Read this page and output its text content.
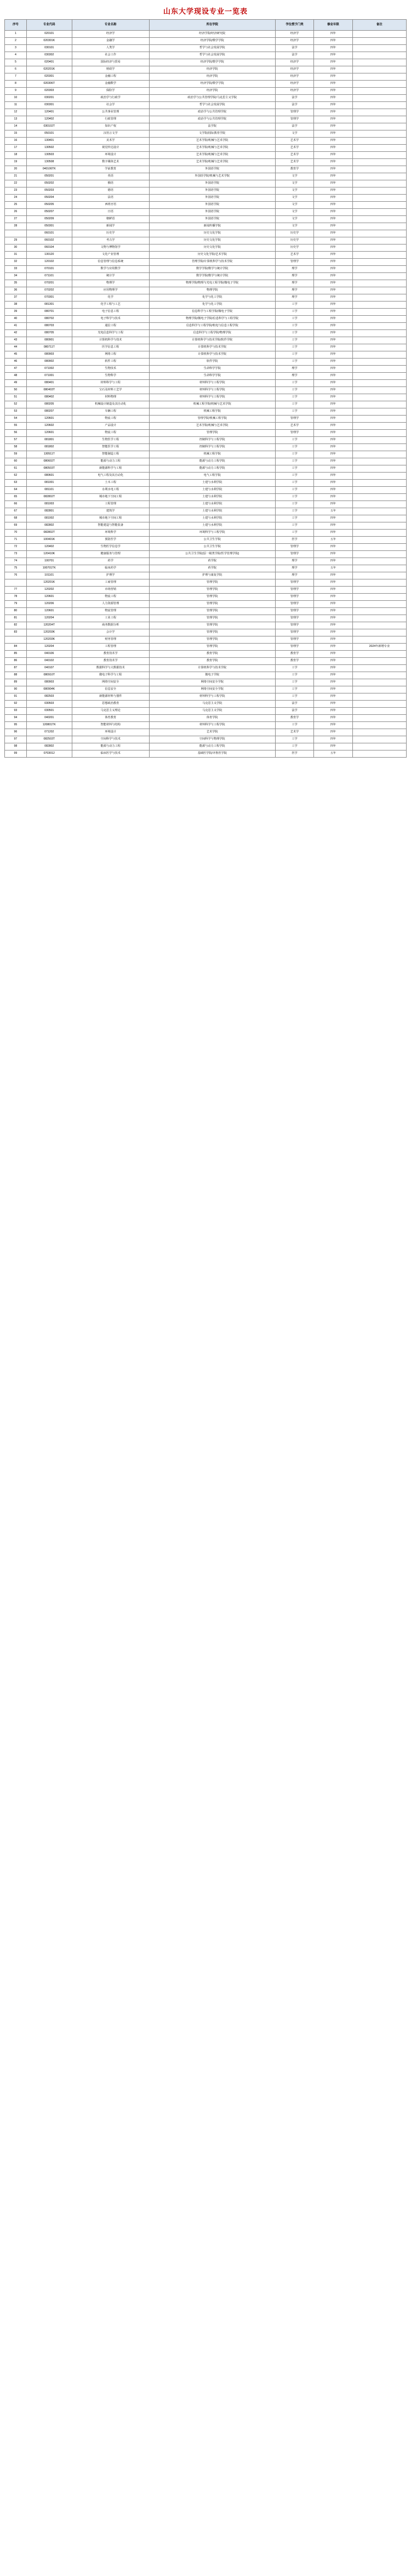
山东大学现设专业一览表
序号	专业代码	专业名称	所在学院	学位授予门类	修业年限	备注
1	020101	经济学	经济学院/经济研究院	经济学	四年	
2	020301K	金融学	经济学院/数学学院	经济学	四年	
3	030101	人类学	哲学与社会发展学院	法学	四年	
4	030302	社会工作	哲学与社会发展学院	法学	四年	
5	020401	国际经济与贸易	经济学院/数学学院	经济学	四年	
6	020201K	财政学	经济学院	经济学	四年	
7	020301	金融工程	经济学院	经济学	四年	
8	020306T	金融数学	经济学院/数学学院	经济学	四年	
9	020303	保险学	经济学院	经济学	四年	
10	030201	政治学与行政学	政治学与公共管理学院/马克思主义学院	法学	四年	
11	030301	社会学	哲学与社会发展学院	法学	四年	
12	120401	公共事业管理	政治学与公共管理学院	管理学	四年	
13	120402	行政管理	政治学与公共管理学院	管理学	四年	
14	030102T	知识产权	法学院	法学	四年	
15	050101	汉语言文学	文学院/国际教育学院	文学	四年	
16	130401	美术学	艺术学院/机械与艺术学院	艺术学	四年	
17	130502	视觉传达设计	艺术学院/机械与艺术学院	艺术学	四年	
18	130503	环境设计	艺术学院/机械与艺术学院	艺术学	四年	
19	130508	数字媒体艺术	艺术学院/机械与艺术学院	艺术学	四年	
20	040106TK	学前教育	外国语学院	教育学	四年	
21	050201	英语	外国语学院/机械与艺术学院	文学	四年	
22	050202	俄语	外国语学院	文学	四年	
23	050203	德语	外国语学院	文学	四年	
24	050204	法语	外国语学院	文学	四年	
25	050205	西班牙语	外国语学院	文学	四年	
26	050207	日语	外国语学院	文学	四年	
27	050209	朝鲜语	外国语学院	文学	四年	
28	050301	新闻学	新闻传播学院	文学	四年	
	060101	历史学	历史文化学院	历史学	四年	
29	060102	考古学	历史文化学院	历史学	四年	
30	060104	文物与博物馆学	历史文化学院	历史学	四年	
31	130120	文化产业管理	历史文化学院/艺术学院	艺术学	四年	
32	120102	信息管理与信息系统	管理学院/计算机科学与技术学院	管理学	四年	
33	070101	数学与应用数学	数学学院/数学与统计学院	理学	四年	
34	071101	统计学	数学学院/数学与统计学院	理学	四年	
35	070201	物理学	物理学院/物理与光电工程学院/微电子学院	理学	四年	
36	070202	应用物理学	物理学院	理学	四年	
37	070301	化学	化学与化工学院	理学	四年	
38	081301	化学工程与工艺	化学与化工学院	工学	四年	
39	080701	电子信息工程	信息科学与工程学院/微电子学院	工学	四年	
40	080702	电子科学与技术	物理学院/微电子学院/信息科学与工程学院	工学	四年	
41	080703	通信工程	信息科学与工程学院/机电与信息工程学院	工学	四年	
42	080705	光电信息科学与工程	信息科学与工程学院/物理学院	工学	四年	
43	080901	计算机科学与技术	计算机科学与技术学院/软件学院	工学	四年	
44	080711T	医学信息工程	计算机科学与技术学院	工学	四年	
45	080903	网络工程	计算机科学与技术学院	工学	四年	
46	080902	软件工程	软件学院	工学	四年	
47	071002	生物技术	生命科学学院	理学	四年	
48	071001	生物科学	生命科学学院	理学	四年	
49	080401	材料科学与工程	材料科学与工程学院	工学	四年	
50	080403T	宝石及材料工艺学	材料科学与工程学院	工学	四年	
51	080402	材料物理	材料科学与工程学院	工学	四年	
52	080205	机械设计制造及其自动化	机械工程学院/机械与艺术学院	工学	四年	
53	080207	车辆工程	机械工程学院	工学	四年	
54	120601	物流工程	管理学院/机械工程学院	管理学	四年	
55	120602	产品设计	艺术学院/机械与艺术学院	艺术学	四年	
56	120601	物流工程	管理学院	管理学	四年	
57	081801	生物医学工程	控制科学与工程学院	工学	四年	
58	081802	智能医学工程	控制科学与工程学院	工学	四年	
59	130511T	智能制造工程	机械工程学院	工学	四年	
60	080602T	能源与动力工程	能源与动力工程学院	工学	四年	
61	080503T	新能源科学与工程	能源与动力工程学院	工学	四年	
62	080601	电气工程及其自动化	电气工程学院	工学	四年	
63	081001	土木工程	土建与水利学院	工学	四年	
64	081101	水利水电工程	土建与水利学院	工学	四年	
65	082802T	城市地下空间工程	土建与水利学院	工学	四年	
66	081003	工程管理	土建与水利学院	工学	四年	
67	082801	建筑学	土建与水利学院	工学	五年	
68	081002	城市地下空间工程	土建与水利学院	工学	四年	
69	082802	智能建造与智能装备	土建与水利学院	工学	四年	
70	082802T	环境科学	环境科学与工程学院	工学	四年	
71	100401K	预防医学	公共卫生学院	医学	五年	
72	120402	生物医学信息学	公共卫生学院	管理学	四年	
73	120410K	健康服务与管理	公共卫生学院(原一级类学院/医学管理学院)	管理学	四年	
74	100701	药学	药学院	理学	四年	
75	100701TK	临床药学	药学院	理学	五年	
76	101101	护理学	护理与康复学院	理学	四年	
	120201K	工商管理	管理学院	管理学	四年	
77	120202	市场营销	管理学院	管理学	四年	
78	120601	物流工程	管理学院	管理学	四年	
79	120206	人力资源管理	管理学院	管理学	四年	
80	120601	物流管理	管理学院	管理学	四年	
81	120204	工业工程	管理学院	管理学	四年	
82	120204T	商务数据分析	管理学院	管理学	四年	
83	120203K	会计学	管理学院	管理学	四年	
	120203K	财务管理	管理学院	管理学	四年	
84	120204	工程管理	管理学院	管理学	四年	2024年新增专业
85	040106	教育技术学	教育学院	教育学	四年	
86	040102	教育技术学	教育学院	教育学	四年	
87	040107	数据科学与大数据技术	计算机科学与技术学院	工学	四年	
88	080910T	微电子科学与工程	微电子学院	工学	四年	
89	080903	网络空间安全	网络空间安全学院	工学	四年	
90	080904K	信息安全	网络空间安全学院	工学	四年	
91	082503	新能源材料与器件	材料科学与工程学院	工学	四年	
92	030503	思想政治教育	马克思主义学院	法学	四年	
93	030501	马克思主义理论	马克思主义学院	法学	四年	
94	040201	体育教育	体育学院	教育学	四年	
95	120801TK	智能材料与结构	材料科学与工程学院	工学	四年	
96	071202	环境设计	艺术学院	艺术学	四年	
97	082503T	空间科学与技术	空间科学与物理学院	工学	四年	
98	082802	能源与动力工程	能源与动力工程学院	工学	四年	
99	0703012	临床医学与技术	基础医学院/齐鲁医学院	医学	五年	
